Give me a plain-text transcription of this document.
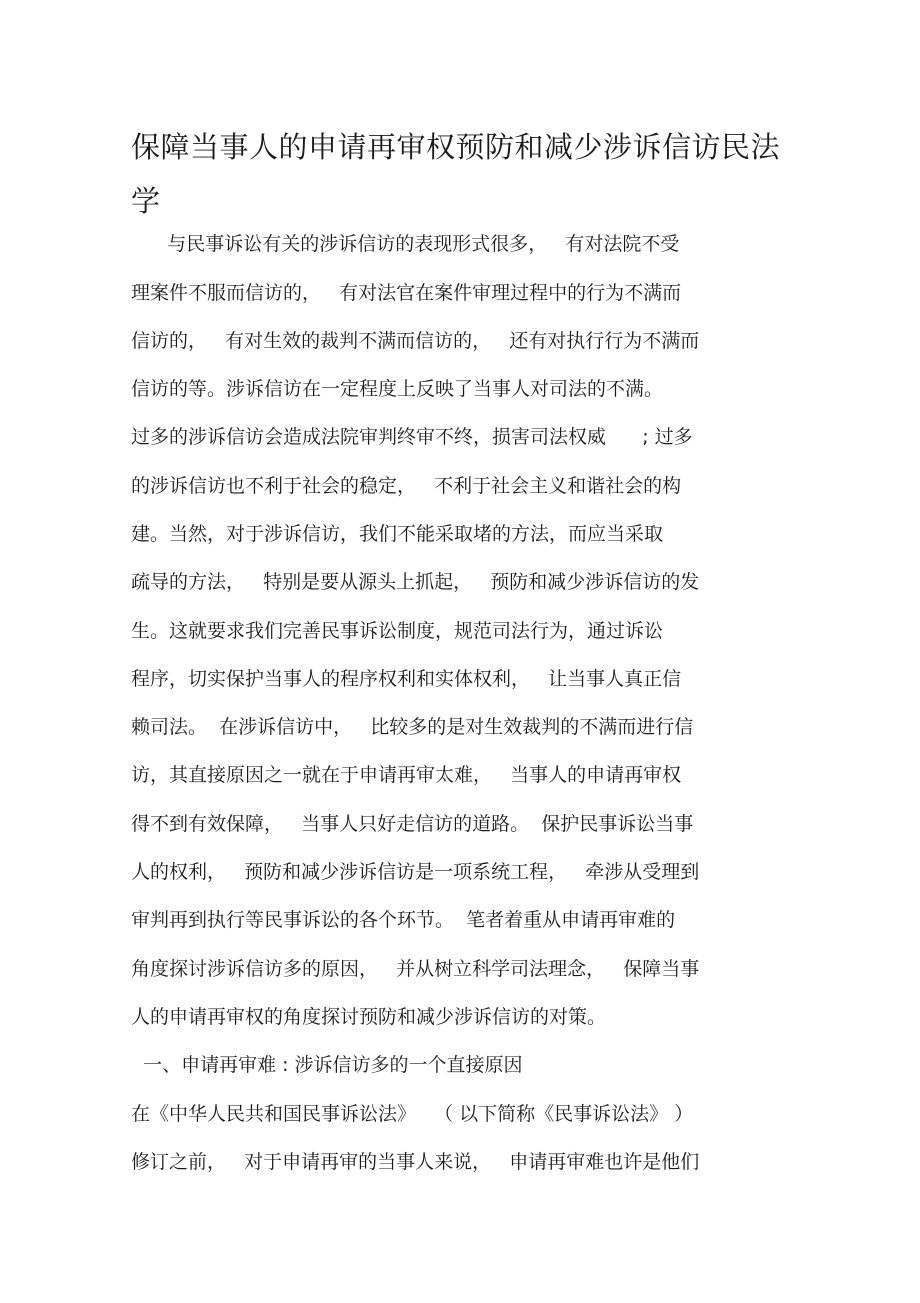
保障当事人的申请再审权预防和减少涉诉信访民法学

与民事诉讼有关的涉诉信访的表现形式很多，   有对法院不受

理案件不服而信访的，   有对法官在案件审理过程中的行为不满而

信访的，   有对生效的裁判不满而信访的，   还有对执行行为不满而

信访的等。涉诉信访在一定程度上反映了当事人对司法的不满。

过多的涉诉信访会造成法院审判终审不终，损害司法权威      ; 过多

的涉诉信访也不利于社会的稳定，   不利于社会主义和谐社会的构

建。当然，对于涉诉信访，我们不能采取堵的方法，而应当采取

疏导的方法，   特别是要从源头上抓起，   预防和减少涉诉信访的发

生。这就要求我们完善民事诉讼制度，规范司法行为，通过诉讼

程序，切实保护当事人的程序权利和实体权利，   让当事人真正信

赖司法。  在涉诉信访中，   比较多的是对生效裁判的不满而进行信

访，其直接原因之一就在于申请再审太难，   当事人的申请再审权

得不到有效保障，   当事人只好走信访的道路。  保护民事诉讼当事

人的权利，   预防和减少涉诉信访是一项系统工程，   牵涉从受理到

审判再到执行等民事诉讼的各个环节。  笔者着重从申请再审难的

角度探讨涉诉信访多的原因，   并从树立科学司法理念，   保障当事

人的申请再审权的角度探讨预防和减少涉诉信访的对策。

一、申请再审难 : 涉诉信访多的一个直接原因

在《中华人民共和国民事诉讼法》   （ 以下简称《民事诉讼法》 ）

修订之前，   对于申请再审的当事人来说，   申请再审难也许是他们
